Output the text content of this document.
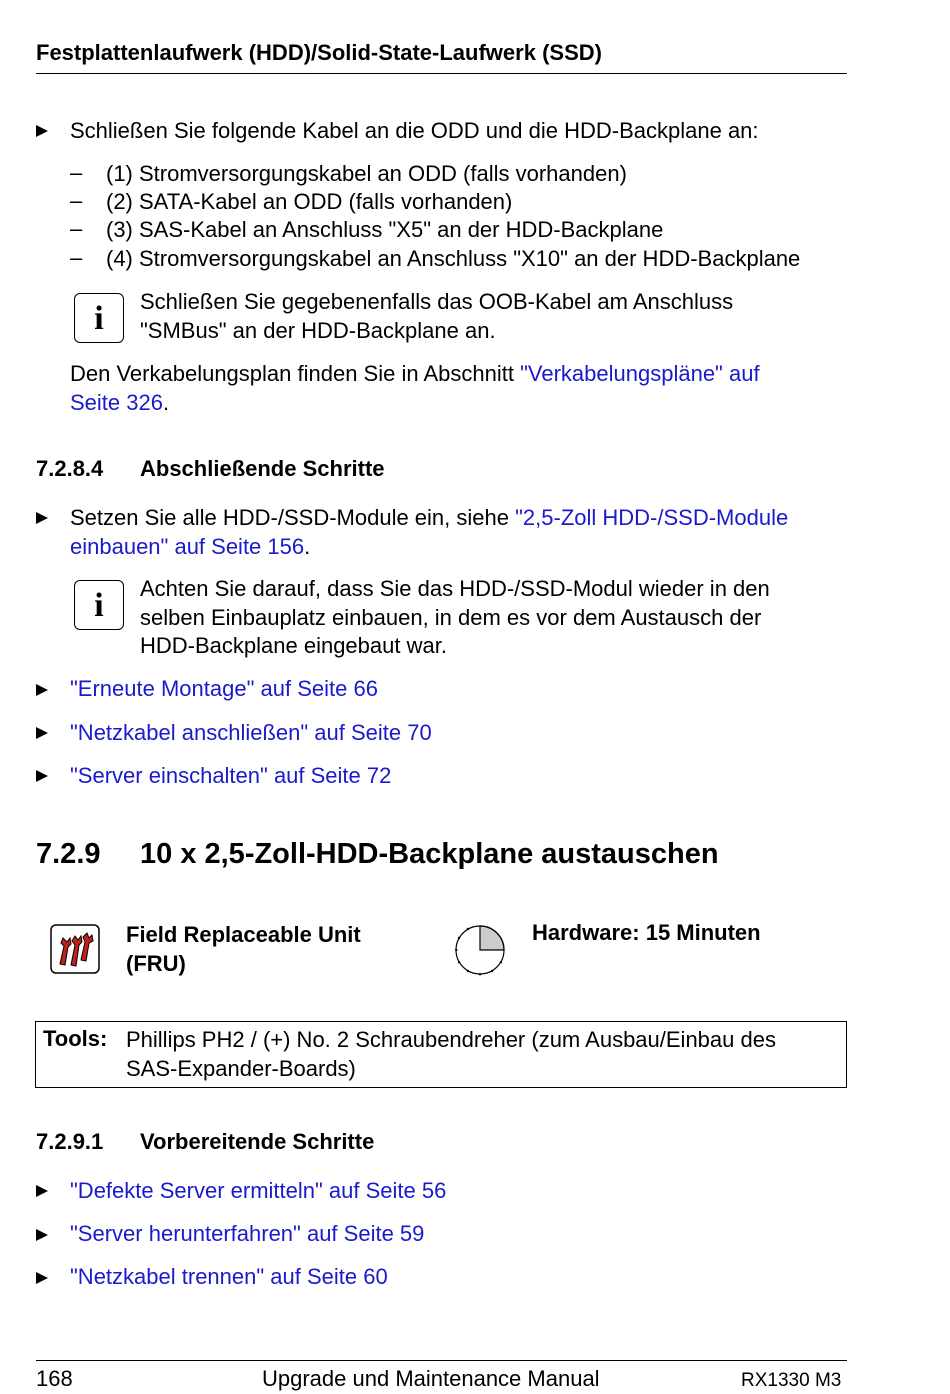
Festplattenlaufwerk (HDD)/Solid-State-Laufwerk (SSD)
Schließen Sie folgende Kabel an die ODD und die HDD-Backplane an:
– (1) Stromversorgungskabel an ODD (falls vorhanden)
– (2) SATA-Kabel an ODD (falls vorhanden)
– (3) SAS-Kabel an Anschluss "X5" an der HDD-Backplane
– (4) Stromversorgungskabel an Anschluss "X10" an der HDD-Backplane
i	Schließen Sie gegebenenfalls das OOB-Kabel am Anschluss
"SMBus" an der HDD-Backplane an.
Den Verkabelungsplan finden Sie in Abschnitt "Verkabelungspläne" auf
Seite 326.
7.2.8.4 Abschließende Schritte
Setzen Sie alle HDD-/SSD-Module ein, siehe "2,5-Zoll HDD-/SSD-Module
einbauen" auf Seite 156.
i	Achten Sie darauf, dass Sie das HDD-/SSD-Modul wieder in den
selben Einbauplatz einbauen, in dem es vor dem Austausch der
HDD-Backplane eingebaut war.
"Erneute Montage" auf Seite 66
"Netzkabel anschließen" auf Seite 70
"Server einschalten" auf Seite 72
7.2.9 10 x 2,5-Zoll-HDD-Backplane austauschen
Field Replaceable Unit
(FRU)
Hardware: 15 Minuten
Tools: Phillips PH2 / (+) No. 2 Schraubendreher (zum Ausbau/Einbau des
SAS-Expander-Boards)
7.2.9.1 Vorbereitende Schritte
"Defekte Server ermitteln" auf Seite 56
"Server herunterfahren" auf Seite 59
"Netzkabel trennen" auf Seite 60
168	Upgrade und Maintenance Manual	RX1330 M3
